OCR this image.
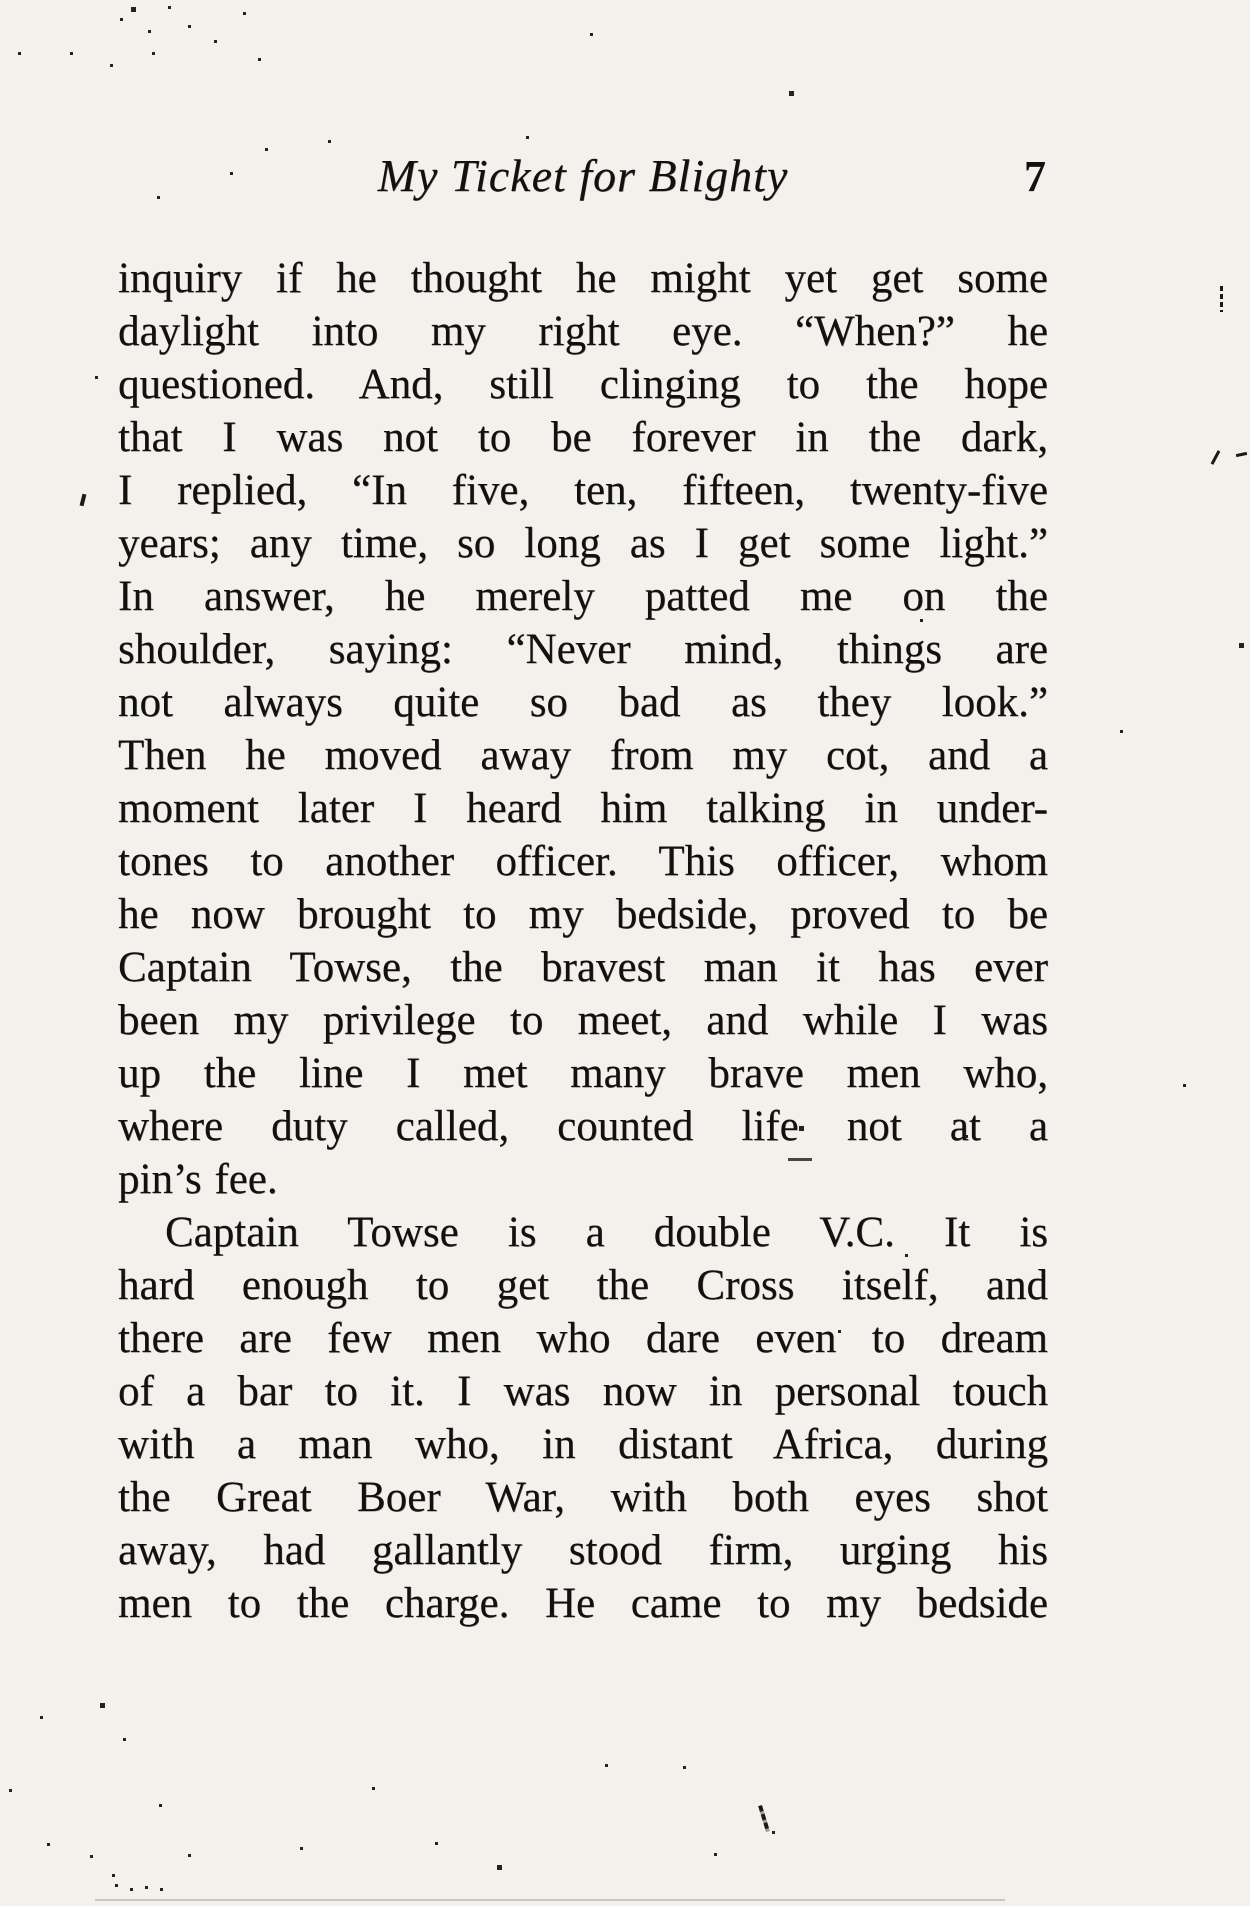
My Ticket for Blighty	7
inquiry if he thought he might yet get some
daylight into my right eye. “When?” he
questioned. And, still clinging to the hope
that I was not to be forever in the dark,
I replied, “In five, ten, fifteen, twenty-five
years; any time, so long as I get some light.”
In answer, he merely patted me on the
shoulder, saying: “Never mind, things are
not always quite so bad as they look.”
Then he moved away from my cot, and a
moment later I heard him talking in under-
tones to another officer. This officer, whom
he now brought to my bedside, proved to be
Captain Towse, the bravest man it has ever
been my privilege to meet, and while I was
up the line I met many brave men who,
where duty called, counted life not at a
pin’s fee.
Captain Towse is a double V.C. It is
hard enough to get the Cross itself, and
there are few men who dare even to dream
of a bar to it. I was now in personal touch
with a man who, in distant Africa, during
the Great Boer War, with both eyes shot
away, had gallantly stood firm, urging his
men to the charge. He came to my bedside
